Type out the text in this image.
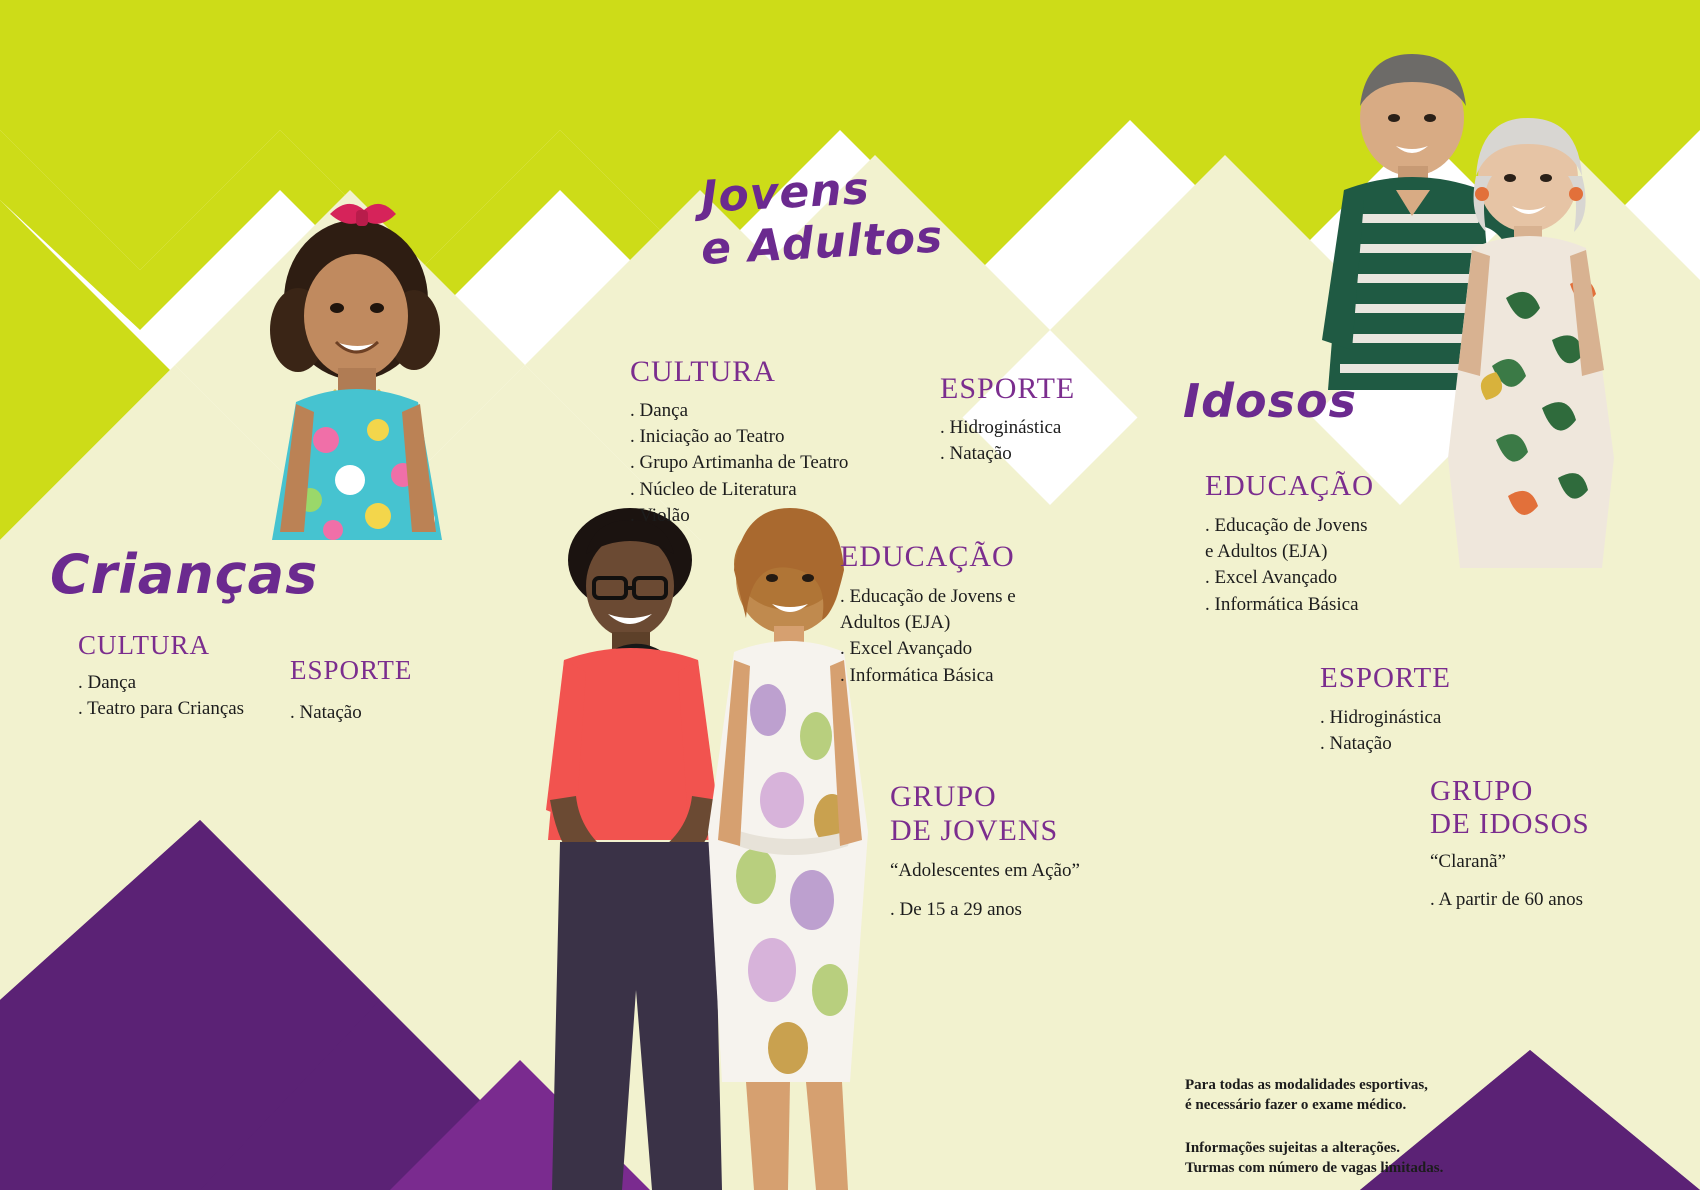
Crianças
CULTURA
. Dança
. Teatro para Crianças
ESPORTE
. Natação
Jovens
e Adultos
CULTURA
. Dança
. Iniciação ao Teatro
. Grupo Artimanha de Teatro
. Núcleo de Literatura
. Violão
ESPORTE
. Hidroginástica
. Natação
EDUCAÇÃO
. Educação de Jovens e
Adultos (EJA)
. Excel Avançado
. Informática Básica
GRUPO
DE JOVENS
“Adolescentes em Ação”
. De 15 a 29 anos
Idosos
EDUCAÇÃO
. Educação de Jovens
e Adultos (EJA)
. Excel Avançado
. Informática Básica
ESPORTE
. Hidroginástica
. Natação
GRUPO
DE IDOSOS
“Claranã”
. A partir de 60 anos
Para todas as modalidades esportivas,
é necessário fazer o exame médico.
Informações sujeitas a alterações.
Turmas com número de vagas limitadas.
